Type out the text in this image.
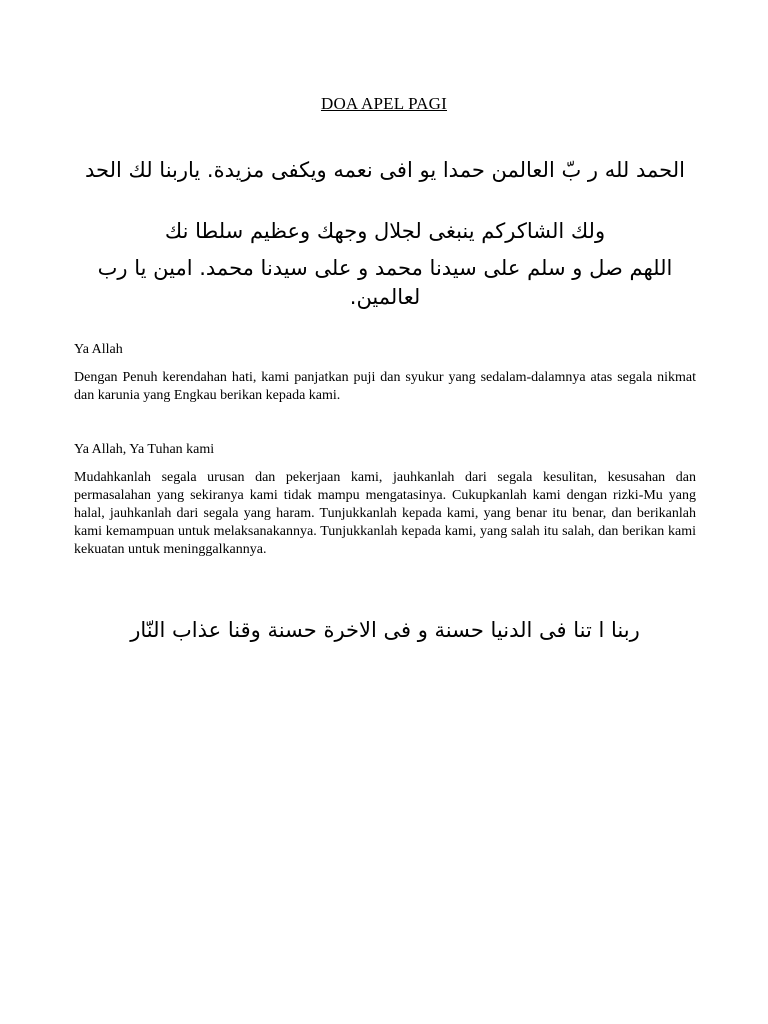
DOA APEL PAGI
الحمد لله ر بّ العالمن حمدا يو افى نعمه ويكفى مزيدة. ياربنا لك الحد
ولك الشاكركم ينبغى لجلال وجهك وعظيم سلطا نك
اللهم صل و سلم على سيدنا محمد و على سيدنا محمد. امين يا رب لعالمين.
Ya Allah
Dengan Penuh kerendahan hati, kami panjatkan puji dan syukur yang sedalam-dalamnya atas segala nikmat dan karunia yang Engkau berikan kepada kami.
Ya Allah, Ya Tuhan kami
Mudahkanlah segala urusan dan pekerjaan kami, jauhkanlah dari segala kesulitan, kesusahan dan permasalahan yang sekiranya kami tidak mampu mengatasinya. Cukupkanlah kami dengan rizki-Mu yang halal, jauhkanlah dari segala yang haram. Tunjukkanlah kepada kami, yang benar itu benar, dan berikanlah kami kemampuan untuk melaksanakannya. Tunjukkanlah kepada kami, yang salah itu salah, dan berikan kami kekuatan untuk meninggalkannya.
ربنا ا تنا فى الدنيا حسنة و فى الاخرة حسنة وقنا عذاب النّار
